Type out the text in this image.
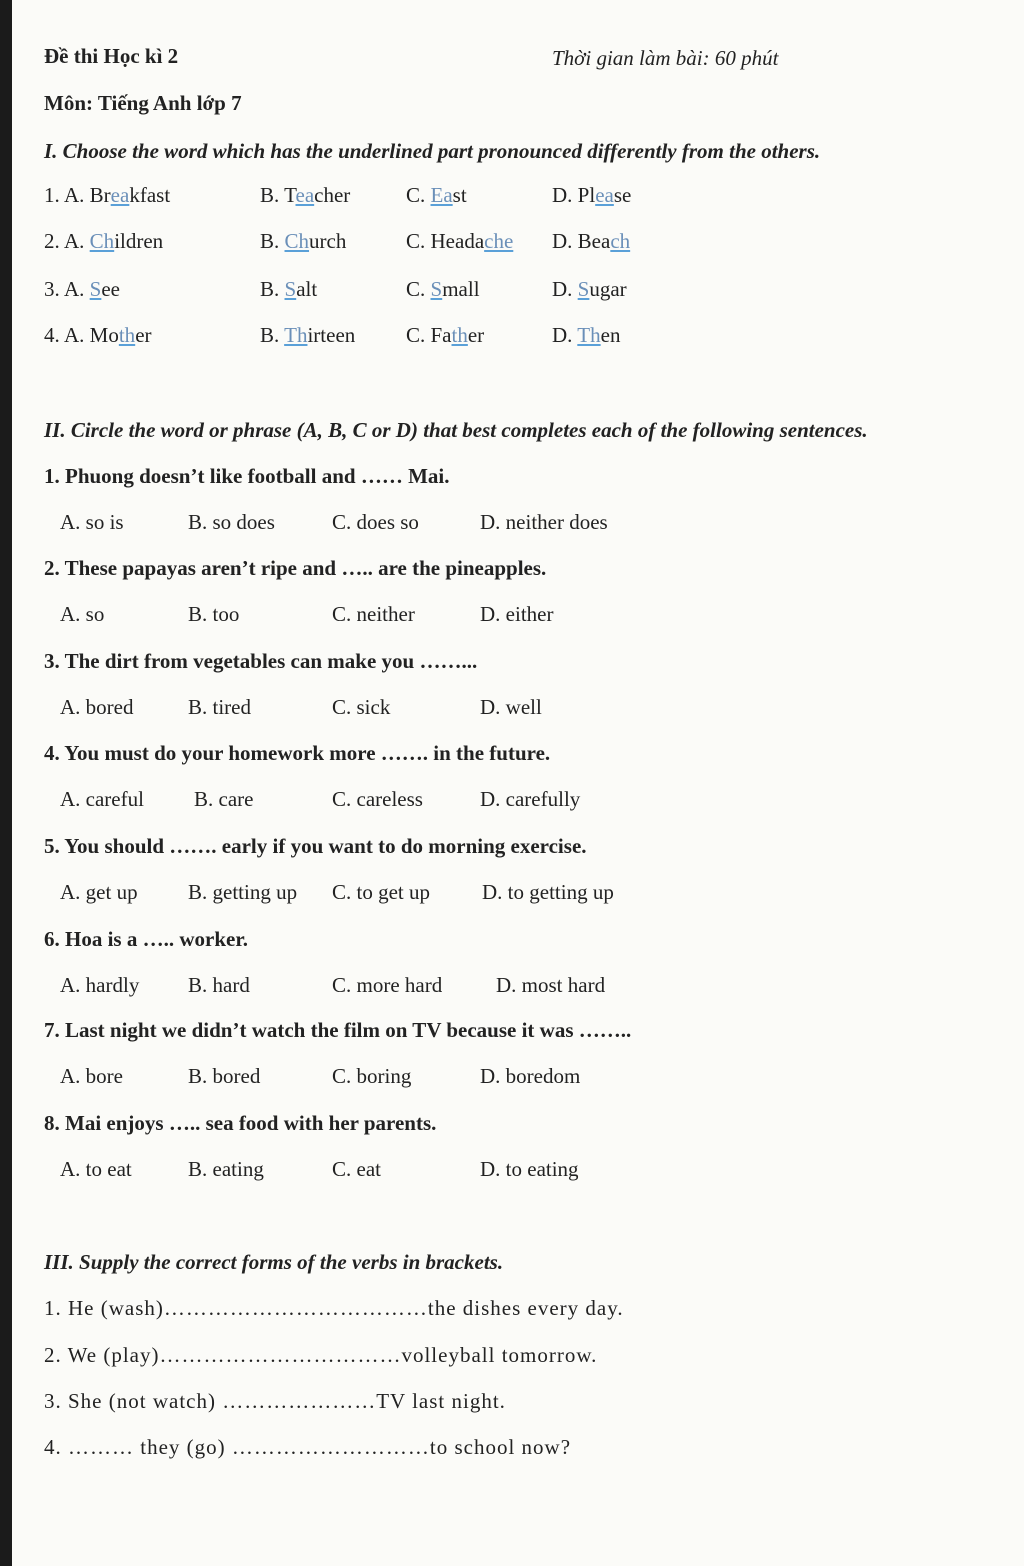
Đề thi Học kì 2	Thời gian làm bài: 60 phút
Môn: Tiếng Anh lớp 7
I. Choose the word which has the underlined part pronounced differently from the others.
1. A. Breakfast	B. Teacher	C. East	D. Please
2. A. Children	B. Church	C. Headache D. Beach
3. A. See	B. Salt	C. Small	D. Sugar
4. A. Mother	B. Thirteen C. Father	D. Then
II. Circle the word or phrase (A, B, C or D) that best completes each of the following sentences.
1. Phuong doesn’t like football and …… Mai.
A. so is	B. so does	C. does so	D. neither does
2. These papayas aren’t ripe and ….. are the pineapples.
A. so	B. too	C. neither	D. either
3. The dirt from vegetables can make you ……...
A. bored	B. tired	C. sick	D. well
4. You must do your homework more ……. in the future.
A. careful B. care	C. careless	D. carefully
5. You should ……. early if you want to do morning exercise.
A. get up B. getting up C. to get up D. to getting up
6. Hoa is a ….. worker.
A. hardly B. hard	C. more hard	D. most hard
7. Last night we didn’t watch the film on TV because it was ……..
A. bore	B. bored	C. boring	D. boredom
8. Mai enjoys ….. sea food with her parents.
A. to eat	B. eating	C. eat	D. to eating
III. Supply the correct forms of the verbs in brackets.
1. He (wash)………………………………the dishes every day.
2. We (play)……………………………volleyball tomorrow.
3. She (not watch) …………………TV last night.
4. ……… they (go) ………………………to school now?
